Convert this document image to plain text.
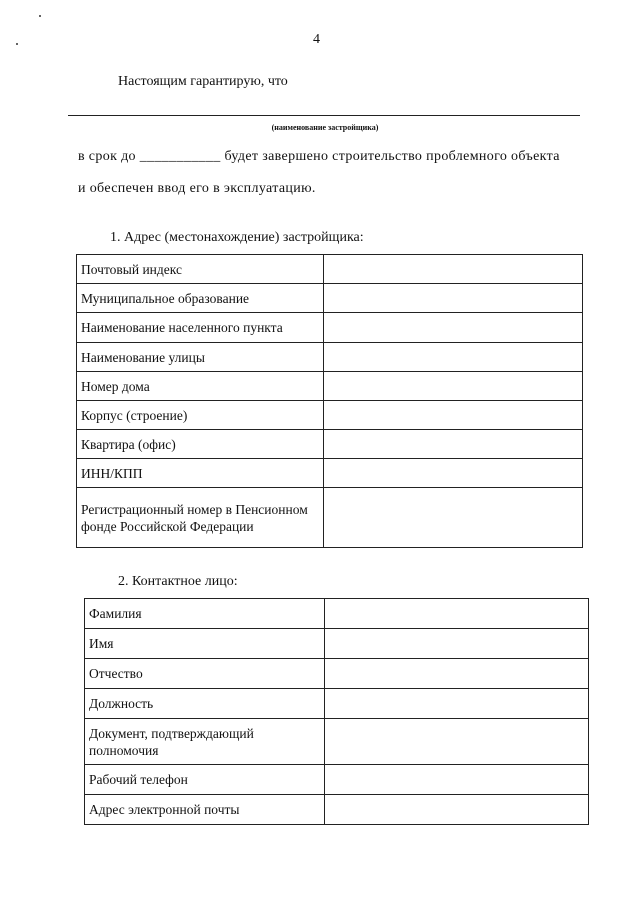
4
Настоящим гарантирую, что
(наименование застройщика)
в срок до ___________ будет завершено строительство проблемного объекта
и обеспечен ввод его в эксплуатацию.
1. Адрес (местонахождение) застройщика:
Почтовый индекс	
Муниципальное образование	
Наименование населенного пункта	
Наименование улицы	
Номер дома	
Корпус (строение)	
Квартира (офис)	
ИНН/КПП	
Регистрационный номер в Пенсионном фонде Российской Федерации	
2. Контактное лицо:
Фамилия	
Имя	
Отчество	
Должность	
Документ, подтверждающий полномочия	
Рабочий телефон	
Адрес электронной почты	
